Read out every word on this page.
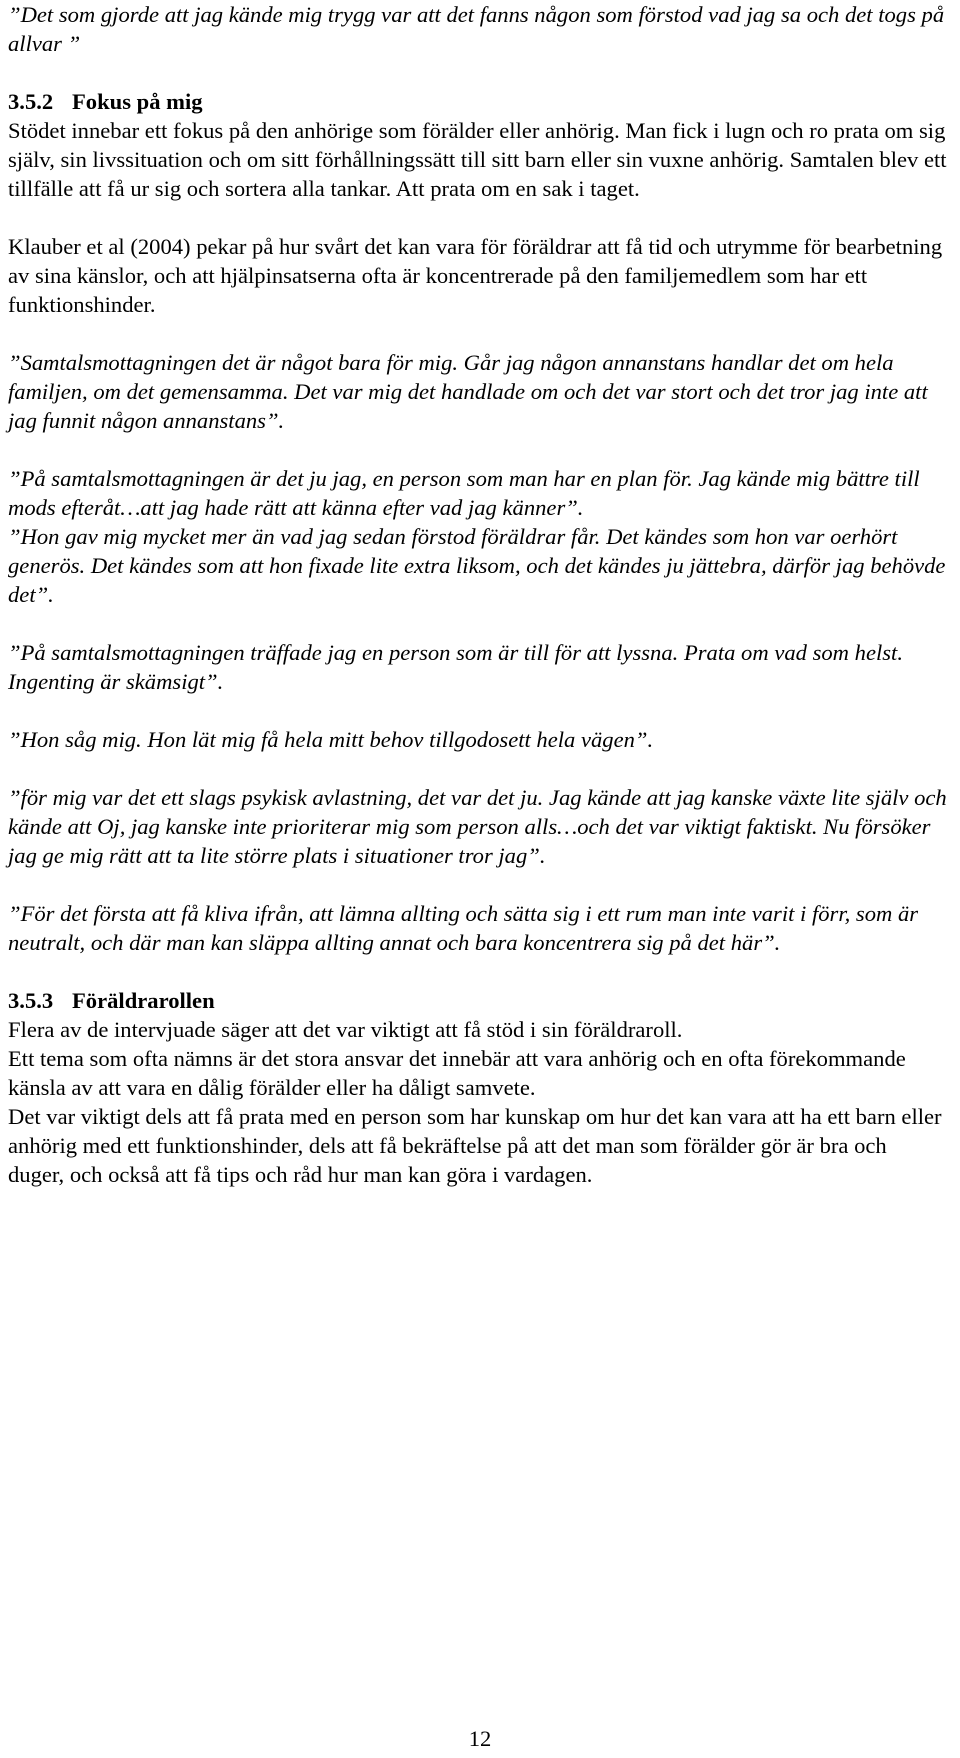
”Det som gjorde att jag kände mig trygg var att det fanns någon som förstod vad jag sa och det togs på allvar ”

3.5.2 Fokus på mig

Stödet innebar ett fokus på den anhörige som förälder eller anhörig. Man fick i lugn och ro prata om sig själv, sin livssituation och om sitt förhållningssätt till sitt barn eller sin vuxne anhörig. Samtalen blev ett tillfälle att få ur sig och sortera alla tankar. Att prata om en sak i taget.

Klauber et al (2004) pekar på hur svårt det kan vara för föräldrar att få tid och utrymme för bearbetning av sina känslor, och att hjälpinsatserna ofta är koncentrerade på den familjemedlem som har ett funktionshinder.

”Samtalsmottagningen det är något bara för mig. Går jag någon annanstans handlar det om hela familjen, om det gemensamma. Det var mig det handlade om och det var stort och det tror jag inte att jag funnit någon annanstans”.

”På samtalsmottagningen är det ju jag, en person som man har en plan för. Jag kände mig bättre till mods efteråt…att jag hade rätt att känna efter vad jag känner”.

”Hon gav mig mycket mer än vad jag sedan förstod föräldrar får. Det kändes som hon var oerhört generös. Det kändes som att hon fixade lite extra liksom, och det kändes ju jättebra, därför jag behövde det”.

”På samtalsmottagningen träffade jag en person som är till för att lyssna. Prata om vad som helst. Ingenting är skämsigt”.

”Hon såg mig. Hon lät mig få hela mitt behov tillgodosett hela vägen”.

”för mig var det ett slags psykisk avlastning, det var det ju. Jag kände att jag kanske växte lite själv och kände att Oj, jag kanske inte prioriterar mig som person alls…och det var viktigt faktiskt. Nu försöker jag ge mig rätt att ta lite större plats i situationer tror jag”.

”För det första att få kliva ifrån, att lämna allting och sätta sig i ett rum man inte varit i förr, som är neutralt, och där man kan släppa allting annat och bara koncentrera sig på det här”.

3.5.3 Föräldrarollen

Flera av de intervjuade säger att det var viktigt att få stöd i sin föräldraroll.

Ett tema som ofta nämns är det stora ansvar det innebär att vara anhörig och en ofta förekommande känsla av att vara en dålig förälder eller ha dåligt samvete.

Det var viktigt dels att få prata med en person som har kunskap om hur det kan vara att ha ett barn eller anhörig med ett funktionshinder, dels att få bekräftelse på att det man som förälder gör är bra och duger, och också att få tips och råd hur man kan göra i vardagen.

12
